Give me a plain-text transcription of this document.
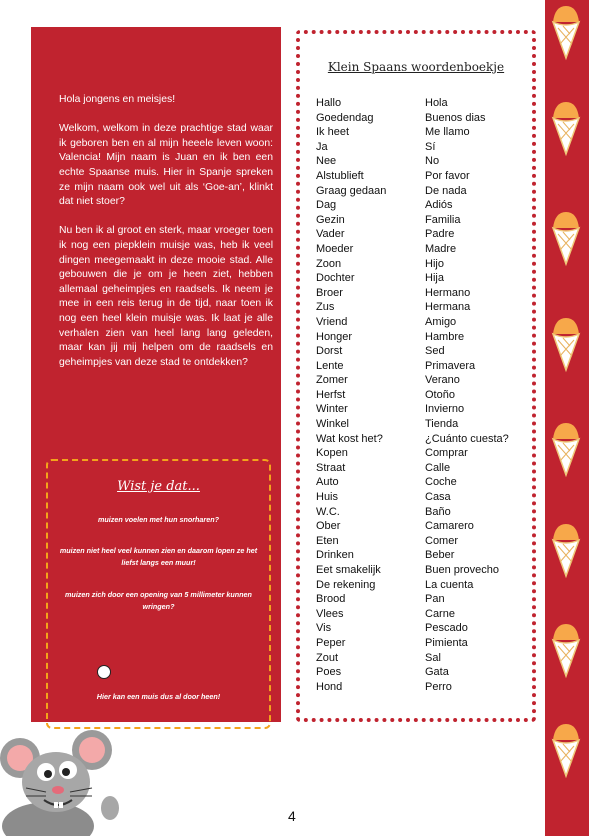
Hola jongens en meisjes!

Welkom, welkom in deze prachtige stad waar ik geboren ben en al mijn heeele leven woon: Valencia! Mijn naam is Juan en ik ben een echte Spaanse muis. Hier in Spanje spreken ze mijn naam ook wel uit als ‘Goe-an’, klinkt dat niet stoer?

Nu ben ik al groot en sterk, maar vroeger toen ik nog een piepklein muisje was, heb ik veel dingen meegemaakt in deze mooie stad. Alle gebouwen die je om je heen ziet, hebben allemaal geheimpjes en raadsels. Ik neem je mee in een reis terug in de tijd, naar toen ik nog een heel klein muisje was. Ik laat je alle verhalen zien van heel lang lang geleden, maar kan jij mij helpen om de raadsels en geheimpjes van deze stad te ontdekken?

Wist je dat...
muizen voelen met hun snorharen?
muizen niet heel veel kunnen zien en daarom lopen ze het liefst langs een muur!
muizen zich door een opening van 5 millimeter kunnen wringen?
Hier kan een muis dus al door heen!
Klein Spaans woordenboekje
Hallo	Hola
Goedendag	Buenos dias
Ik heet	Me llamo
Ja	Sí
Nee	No
Alstublieft	Por favor
Graag gedaan	De nada
Dag	Adiós
Gezin	Familia
Vader	Padre
Moeder	Madre
Zoon	Hijo
Dochter	Hija
Broer	Hermano
Zus	Hermana
Vriend	Amigo
Honger	Hambre
Dorst	Sed
Lente	Primavera
Zomer	Verano
Herfst	Otoño
Winter	Invierno
Winkel	Tienda
Wat kost het?	¿Cuánto cuesta?
Kopen	Comprar
Straat	Calle
Auto	Coche
Huis	Casa
W.C.	Baño
Ober	Camarero
Eten	Comer
Drinken	Beber
Eet smakelijk	Buen provecho
De rekening	La cuenta
Brood	Pan
Vlees	Carne
Vis	Pescado
Peper	Pimienta
Zout	Sal
Poes	Gata
Hond	Perro
4
